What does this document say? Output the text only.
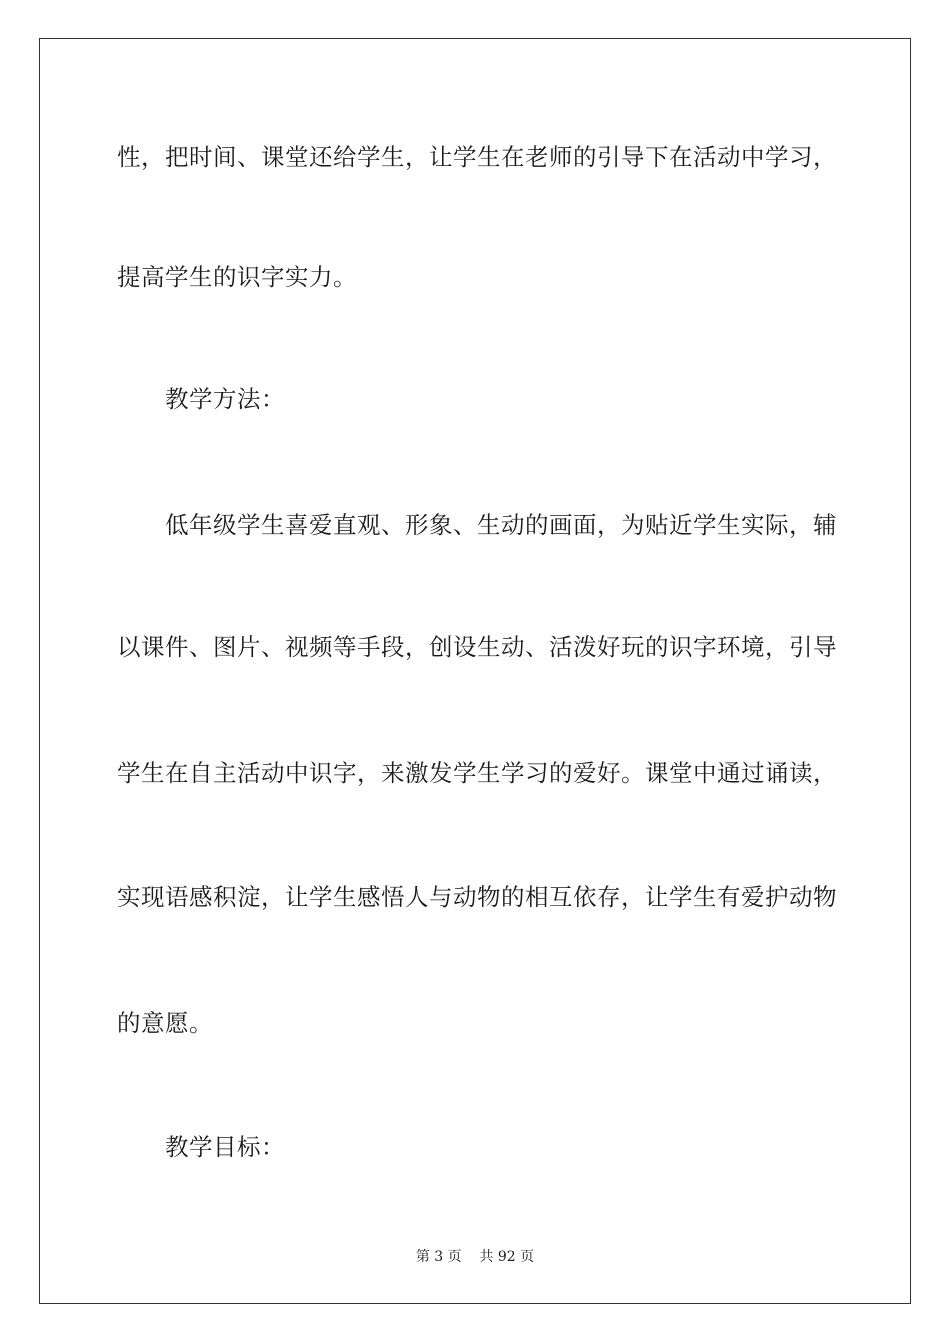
性，把时间、课堂还给学生，让学生在老师的引导下在活动中学习，
提高学生的识字实力。
教学方法：
低年级学生喜爱直观、形象、生动的画面，为贴近学生实际，辅
以课件、图片、视频等手段，创设生动、活泼好玩的识字环境，引导
学生在自主活动中识字，来激发学生学习的爱好。课堂中通过诵读，
实现语感积淀，让学生感悟人与动物的相互依存，让学生有爱护动物
的意愿。
教学目标：
第 3 页    共 92 页
